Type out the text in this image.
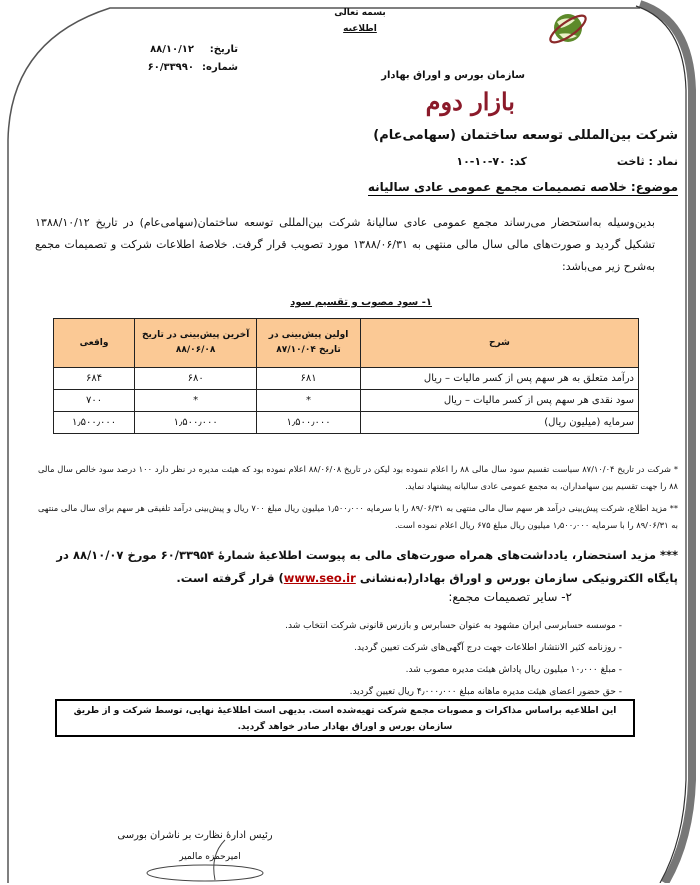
بسمه تعالی
اطلاعیه
تاریخ:
۸۸/۱۰/۱۲
شماره:
۶۰/۳۳۹۹۰
سازمان بورس و اوراق بهادار
بازار دوم
شرکت بین‌المللی توسعه ساختمان (سهامی‌عام)
نماد : ثاخت
کد: ۷۰-۱۰-۱۰
موضوع: خلاصه تصمیمات مجمع عمومی عادی سالیانه
بدین‌وسیله به‌استحضار می‌رساند مجمع عمومی عادی سالیانهٔ شرکت بین‌المللی توسعه ساختمان(سهامی‌عام) در تاریخ ۱۳۸۸/۱۰/۱۲ تشکیل گردید و صورت‌های مالی سال مالی منتهی به ۱۳۸۸/۰۶/۳۱ مورد تصویب قرار گرفت. خلاصهٔ اطلاعات شرکت و تصمیمات مجمع به‌شرح زیر می‌باشد:
۱- سود مصوب و تقسیم سود
شرح	اولین پیش‌بینی در تاریخ ۸۷/۱۰/۰۴	آخرین پیش‌بینی در تاریخ ۸۸/۰۶/۰۸	واقعی
درآمد متعلق به هر سهم پس از کسر مالیات – ریال	۶۸۱	۶۸۰	۶۸۴
سود نقدی هر سهم پس از کسر مالیات – ریال	*	*	۷۰۰
سرمایه (میلیون ریال)	۱٫۵۰۰٫۰۰۰	۱٫۵۰۰٫۰۰۰	۱٫۵۰۰٫۰۰۰
* شرکت در تاریخ ۸۷/۱۰/۰۴ سیاست تقسیم سود سال مالی ۸۸ را اعلام ننموده بود لیکن در تاریخ ۸۸/۰۶/۰۸ اعلام نموده بود که هیئت مدیره در نظر دارد ۱۰۰ درصد سود خالص سال مالی ۸۸ را جهت تقسیم بین سهامداران، به مجمع عمومی عادی سالیانه پیشنهاد نماید.
** مزید اطلاع، شرکت پیش‌بینی درآمد هر سهم سال مالی منتهی به ۸۹/۰۶/۳۱ را با سرمایه ۱٫۵۰۰٫۰۰۰ میلیون ریال مبلغ ۷۰۰ ریال و پیش‌بینی درآمد تلفیقی هر سهم برای سال مالی منتهی به ۸۹/۰۶/۳۱ را با سرمایه ۱٫۵۰۰٫۰۰۰ میلیون ریال مبلغ ۶۷۵ ریال اعلام نموده است.
*** مزید استحضار، یادداشت‌های همراه صورت‌های مالی به پیوست اطلاعیهٔ شمارهٔ ۶۰/۳۳۹۵۴ مورخ ۸۸/۱۰/۰۷ در پایگاه الکترونیکی سازمان بورس و اوراق بهادار(به‌نشانی www.seo.ir) قرار گرفته است.
۲- سایر تصمیمات مجمع:
- موسسه حسابرسی ایران مشهود به عنوان حسابرس و بازرس قانونی شرکت انتخاب شد.
- روزنامه کثیر الانتشار اطلاعات جهت درج آگهی‌های شرکت تعیین گردید.
- مبلغ ۱۰٫۰۰۰ میلیون ریال پاداش هیئت مدیره مصوب شد.
- حق حضور اعضای هیئت مدیره ماهانه مبلغ ۴٫۰۰۰٫۰۰۰ ریال تعیین گردید.
این اطلاعیه براساس مذاکرات و مصوبات مجمع شرکت تهیه‌شده است. بدیهی است اطلاعیهٔ نهایی، توسط شرکت و از طریق سازمان بورس و اوراق بهادار صادر خواهد گردید.
رئیس ادارهٔ نظارت بر ناشران بورسی
امیرحمزه مالمیر
